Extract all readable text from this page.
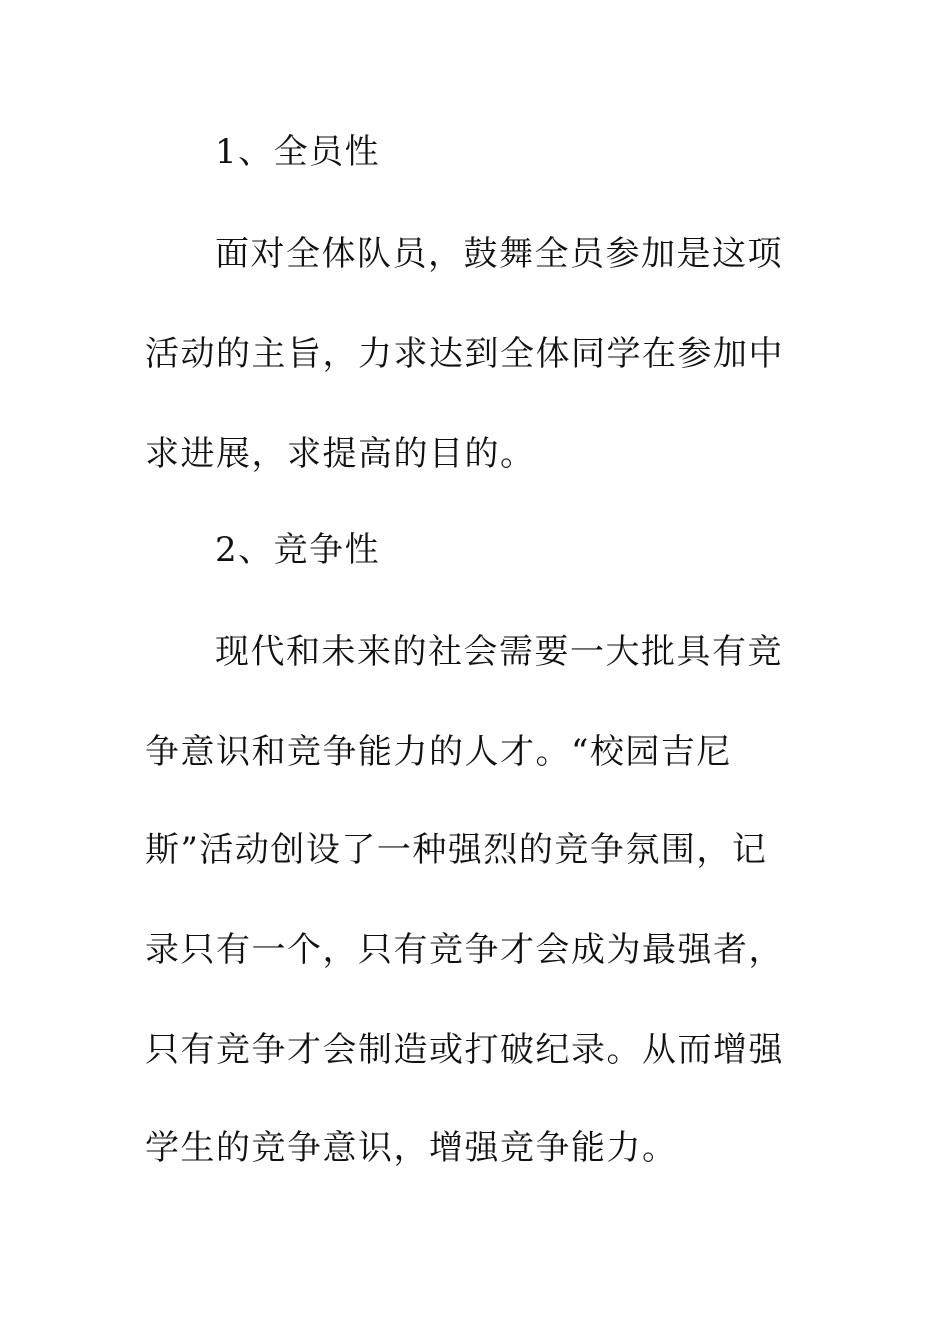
1、全员性
面对全体队员，鼓舞全员参加是这项
活动的主旨，力求达到全体同学在参加中
求进展，求提高的目的。
2、竞争性
现代和未来的社会需要一大批具有竞
争意识和竞争能力的人才。“校园吉尼
斯”活动创设了一种强烈的竞争氛围，记
录只有一个，只有竞争才会成为最强者，
只有竞争才会制造或打破纪录。从而增强
学生的竞争意识，增强竞争能力。
